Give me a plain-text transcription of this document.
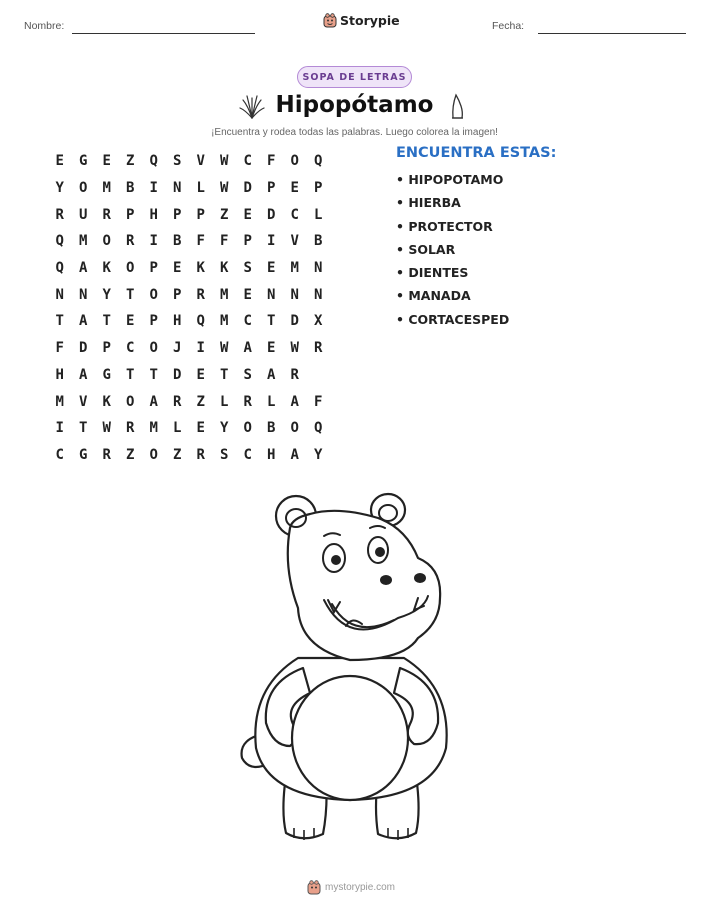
Nombre:	Storypie	Fecha:
SOPA DE LETRAS
Hipopótamo
¡Encuentra y rodea todas las palabras. Luego colorea la imagen!
E	G	E	Z	Q	S	V	W	C	F	O	Q
Y	O	M	B	I	N	L	W	D	P	E	P
R	U	R	P	H	P	P	Z	E	D	C	L
Q	M	O	R	I	B	F	F	P	I	V	B
Q	A	K	O	P	E	K	K	S	E	M	N
N	N	Y	T	O	P	R	M	E	N	N	N
T	A	T	E	P	H	Q	M	C	T	D	X
F	D	P	C	O	J	I	W	A	E	W	R
H	A	G	T	T	D	E	T	S	A	R
M	V	K	O	A	R	Z	L	R	L	A	F
I	T	W	R	M	L	E	Y	O	B	O	Q
C	G	R	Z	O	Z	R	S	C	H	A	Y
ENCUENTRA ESTAS:
• HIPOPOTAMO
• HIERBA
• PROTECTOR
• SOLAR
• DIENTES
• MANADA
• CORTACESPED
mystorypie.com
